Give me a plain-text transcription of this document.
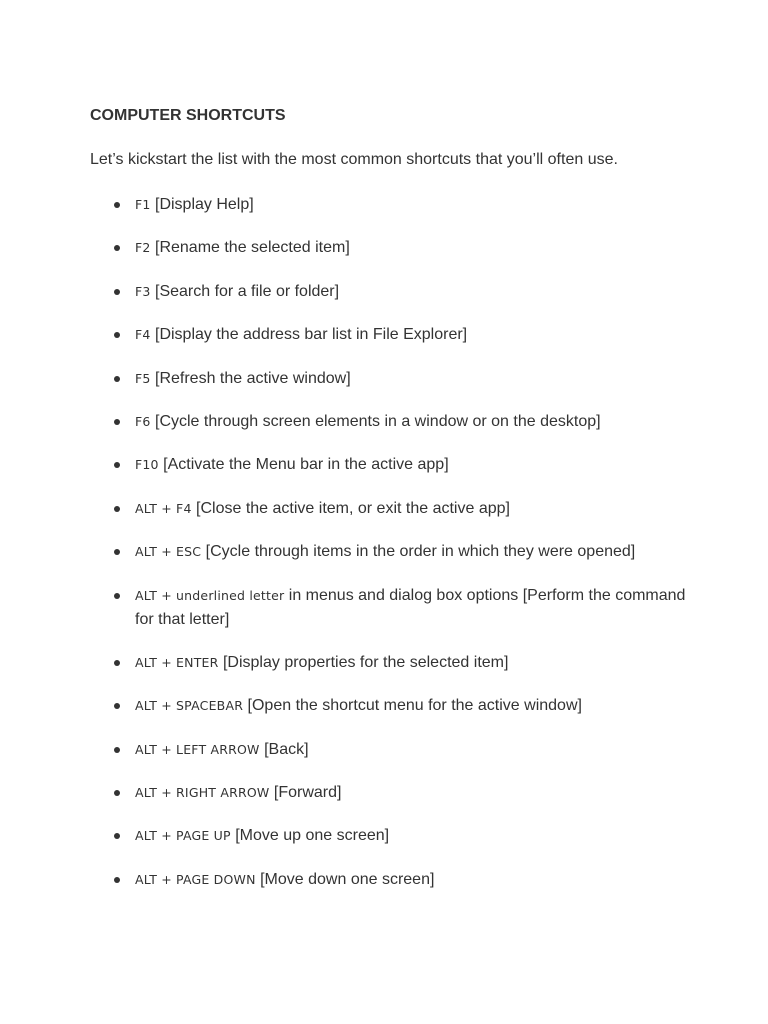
COMPUTER SHORTCUTS
Let’s kickstart the list with the most common shortcuts that you’ll often use.
F1 [Display Help]
F2 [Rename the selected item]
F3 [Search for a file or folder]
F4 [Display the address bar list in File Explorer]
F5 [Refresh the active window]
F6 [Cycle through screen elements in a window or on the desktop]
F10 [Activate the Menu bar in the active app]
ALT + F4 [Close the active item, or exit the active app]
ALT + ESC [Cycle through items in the order in which they were opened]
ALT + underlined letter in menus and dialog box options [Perform the command for that letter]
ALT + ENTER [Display properties for the selected item]
ALT + SPACEBAR [Open the shortcut menu for the active window]
ALT + LEFT ARROW [Back]
ALT + RIGHT ARROW [Forward]
ALT + PAGE UP [Move up one screen]
ALT + PAGE DOWN [Move down one screen]
